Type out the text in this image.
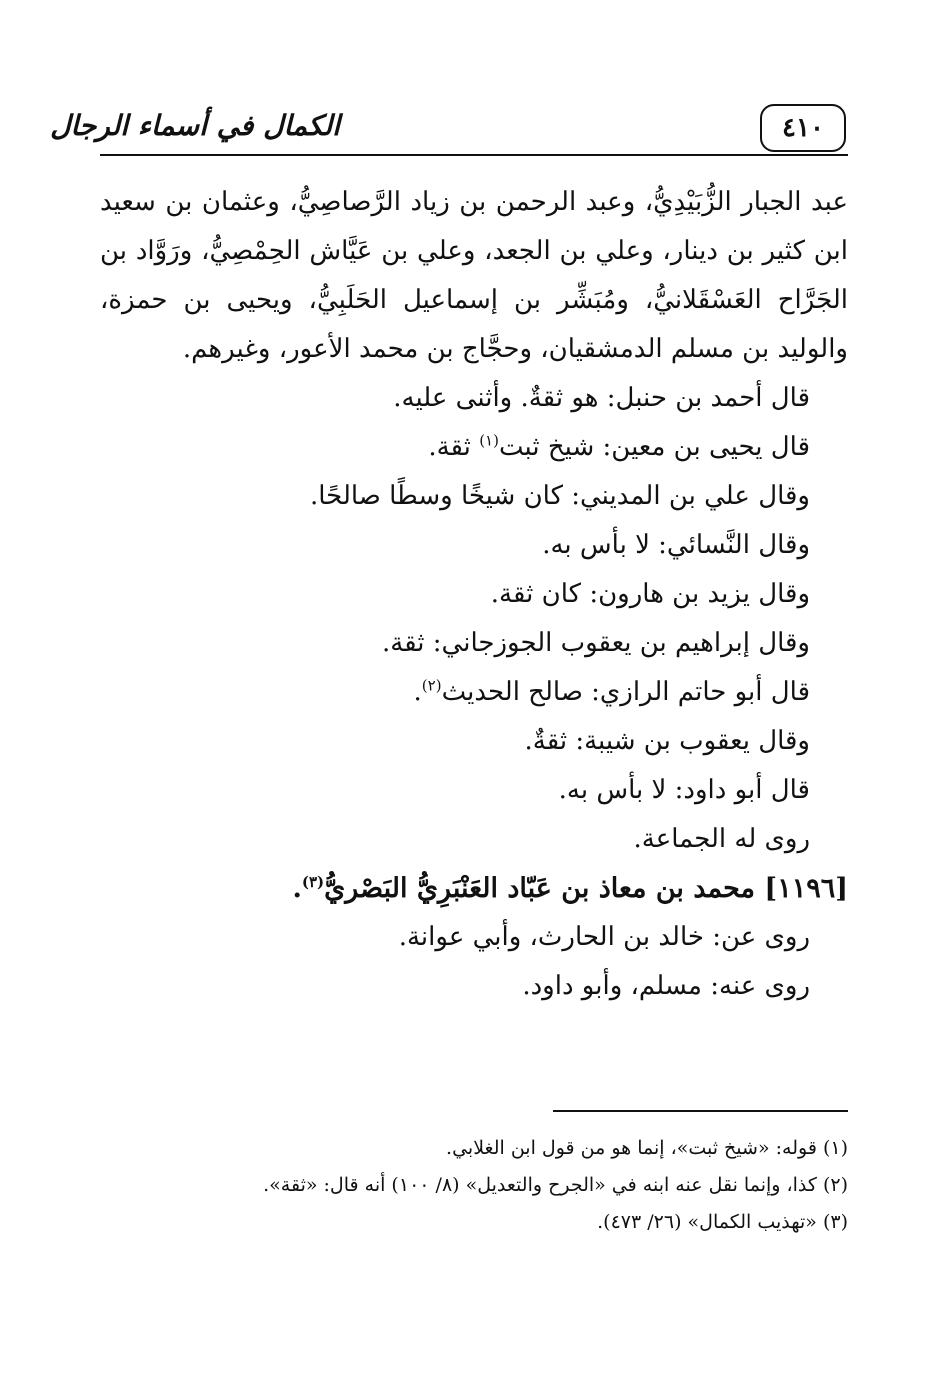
٤١٠
الكمال في أسماء الرجال

عبد الجبار الزُّبَيْدِيُّ، وعبد الرحمن بن زياد الرَّصاصِيُّ، وعثمان بن سعيد ابن كثير بن دينار، وعلي بن الجعد، وعلي بن عَيَّاش الحِمْصِيُّ، ورَوَّاد بن الجَرَّاح العَسْقَلانيُّ، ومُبَشِّر بن إسماعيل الحَلَبِيُّ، ويحيى بن حمزة، والوليد بن مسلم الدمشقيان، وحجَّاج بن محمد الأعور، وغيرهم.

قال أحمد بن حنبل: هو ثقةٌ. وأثنى عليه.

قال يحيى بن معين: شيخ ثبت$^{(١)}$ ثقة.

وقال علي بن المديني: كان شيخًا وسطًا صالحًا.

وقال النَّسائي: لا بأس به.

وقال يزيد بن هارون: كان ثقة.

وقال إبراهيم بن يعقوب الجوزجاني: ثقة.

قال أبو حاتم الرازي: صالح الحديث$^{(٢)}$.

وقال يعقوب بن شيبة: ثقةٌ.

قال أبو داود: لا بأس به.

روى له الجماعة.

[١١٩٦] محمد بن معاذ بن عَبّاد العَنْبَرِيُّ البَصْريُّ$^{(٣)}$.

روى عن: خالد بن الحارث، وأبي عوانة.

روى عنه: مسلم، وأبو داود.

(١) قوله: «شيخ ثبت»، إنما هو من قول ابن الغلابي.

(٢) كذا، وإنما نقل عنه ابنه في «الجرح والتعديل» (٨/ ١٠٠) أنه قال: «ثقة».

(٣) «تهذيب الكمال» (٢٦/ ٤٧٣).
